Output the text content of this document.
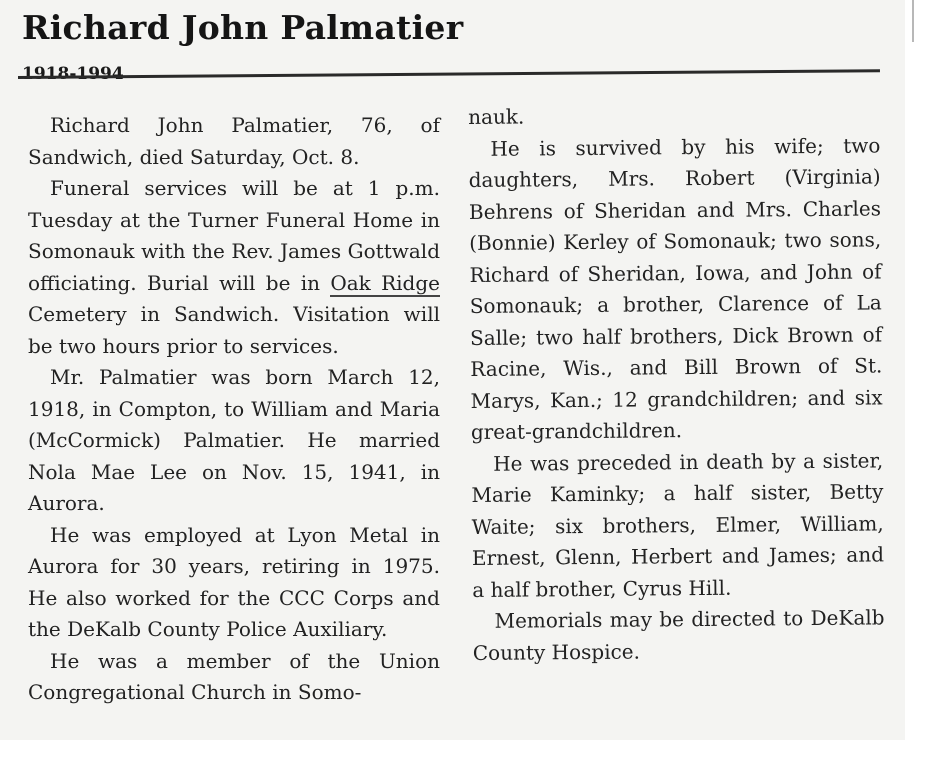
Richard John Palmatier
1918-1994

Richard John Palmatier, 76, of Sandwich, died Saturday, Oct. 8.

Funeral services will be at 1 p.m. Tuesday at the Turner Funeral Home in Somonauk with the Rev. James Gottwald officiating. Burial will be in Oak Ridge Cemetery in Sandwich. Visitation will be two hours prior to services.

Mr. Palmatier was born March 12, 1918, in Compton, to William and Maria (McCormick) Palmatier. He married Nola Mae Lee on Nov. 15, 1941, in Aurora.

He was employed at Lyon Metal in Aurora for 30 years, retiring in 1975. He also worked for the CCC Corps and the DeKalb County Police Auxiliary.

He was a member of the Union Congregational Church in Somo-

nauk.

He is survived by his wife; two daughters, Mrs. Robert (Virginia) Behrens of Sheridan and Mrs. Charles (Bonnie) Kerley of Somonauk; two sons, Richard of Sheridan, Iowa, and John of Somonauk; a brother, Clarence of La Salle; two half brothers, Dick Brown of Racine, Wis., and Bill Brown of St. Marys, Kan.; 12 grandchildren; and six great-grandchildren.

He was preceded in death by a sister, Marie Kaminky; a half sister, Betty Waite; six brothers, Elmer, William, Ernest, Glenn, Herbert and James; and a half brother, Cyrus Hill.

Memorials may be directed to DeKalb County Hospice.
